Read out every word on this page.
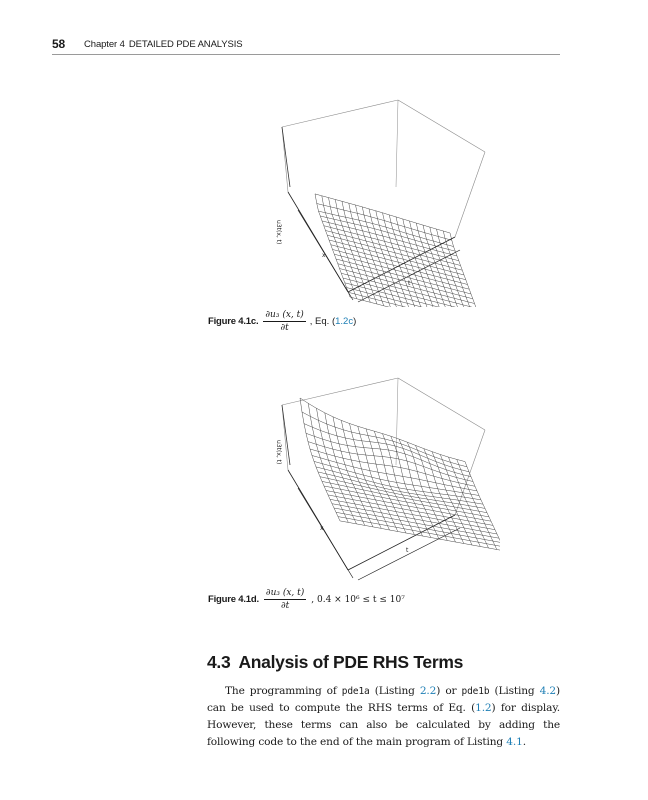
58 Chapter 4 DETAILED PDE ANALYSIS
u3t(x, t)
x
t
Figure 4.1c. $\frac{\text{∂u₃ (x, t)}}{\partial t}$ , Eq. (1.2c)
u3t(x, t)
x
t
Figure 4.1d. $\frac{\text{∂u₃ (x, t)}}{\partial t}$ , 0.4 × 10⁶ ≤ t ≤ 10⁷
4.3 Analysis of PDE RHS Terms
The programming of pde1a (Listing 2.2) or pde1b (Listing 4.2) can be used to compute the RHS terms of Eq. (1.2) for display. However, these terms can also be calculated by adding the following code to the end of the main program of Listing 4.1.
